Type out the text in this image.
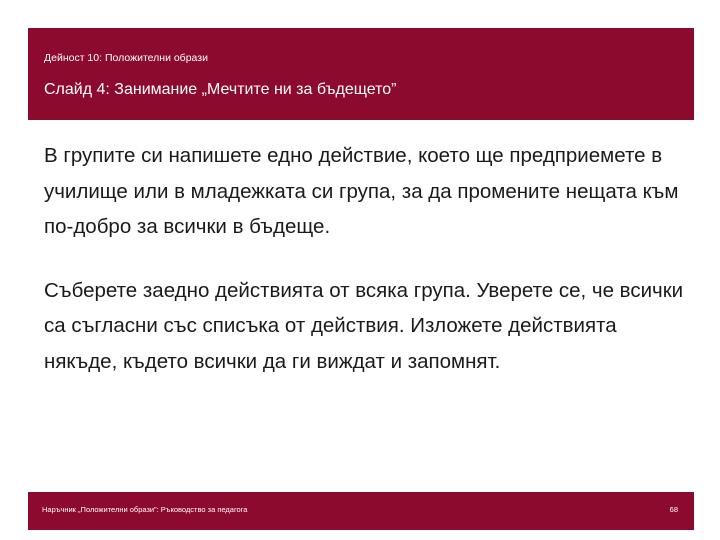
Дейност 10: Положителни образи
Слайд 4: Занимание „Мечтите ни за бъдещето”

В групите си напишете едно действие, което ще предприемете в училище или в младежката си група, за да промените нещата към по-добро за всички в бъдеще.

Съберете заедно действията от всяка група. Уверете се, че всички са съгласни със списъка от действия. Изложете действията някъде, където всички да ги виждат и запомнят.

Наръчник „Положителни образи”: Ръководство за педагога	68
